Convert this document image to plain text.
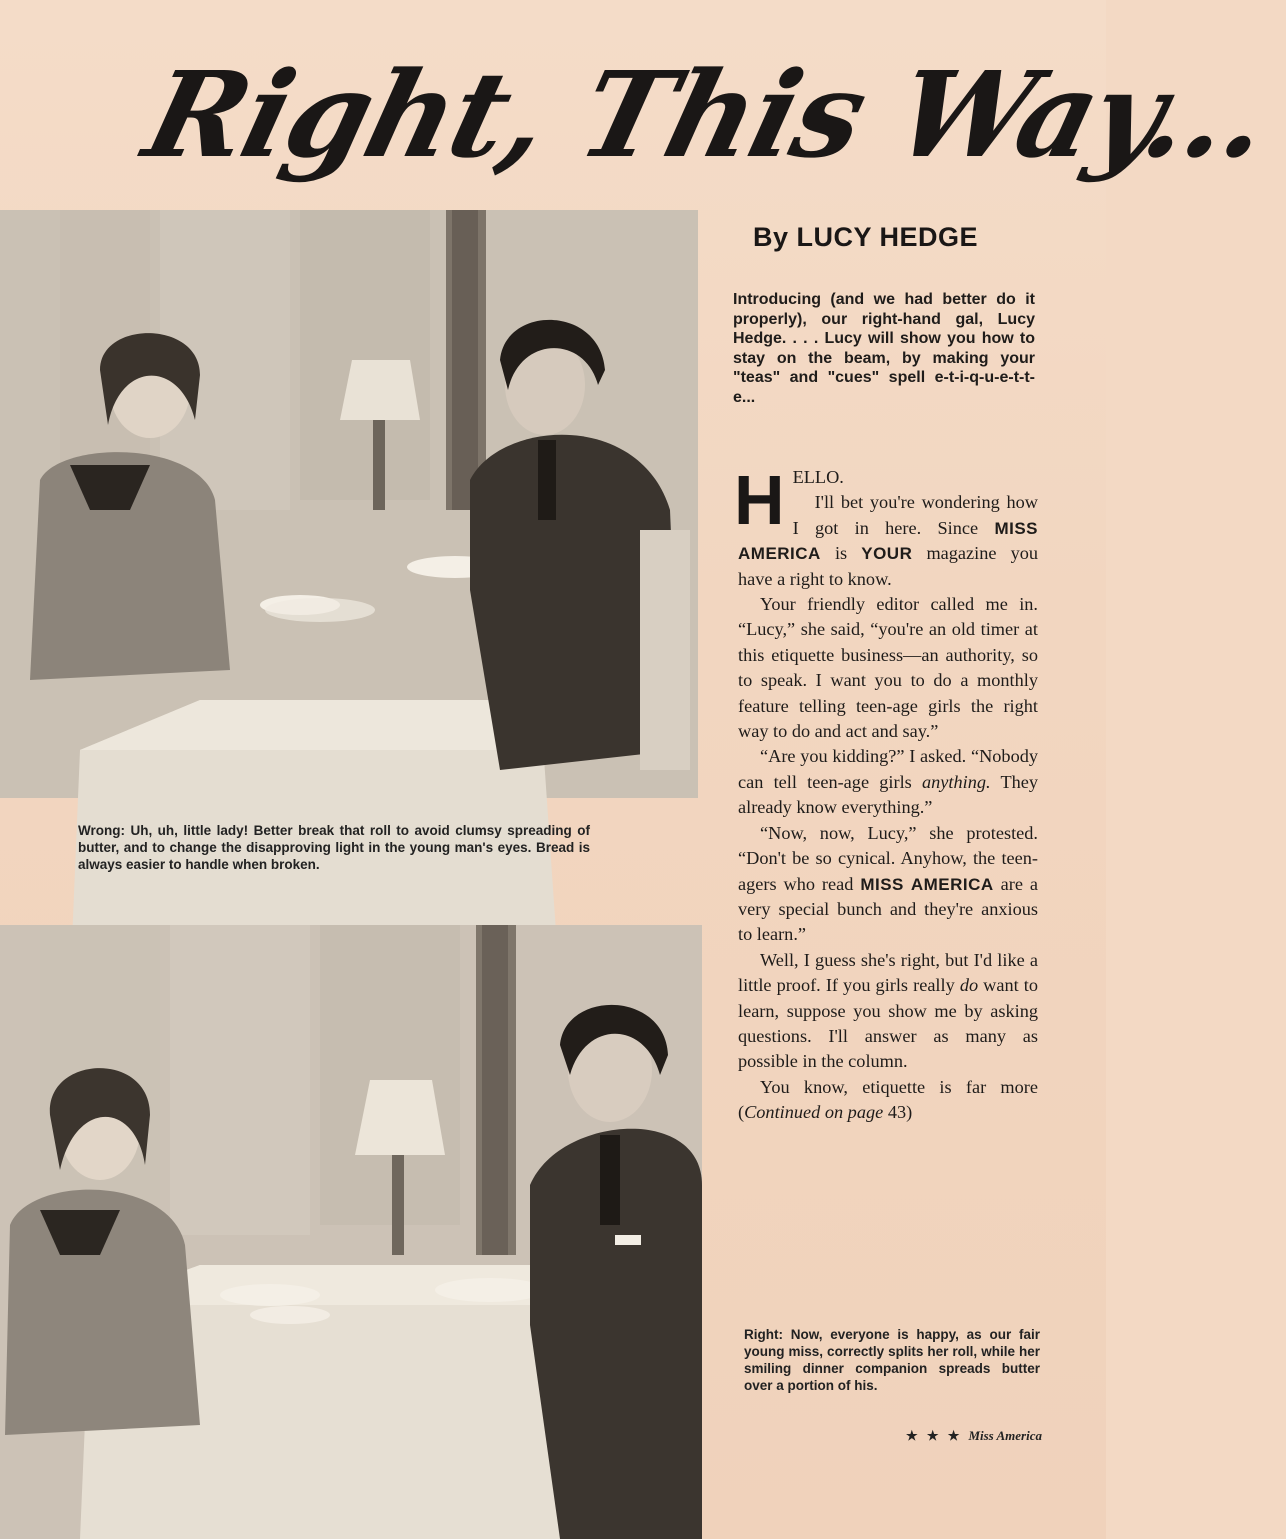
Right, This Way...
Wrong: Uh, uh, little lady! Better break that roll to avoid clumsy spreading of butter, and to change the disapproving light in the young man's eyes. Bread is always easier to handle when broken.
By LUCY HEDGE
Introducing (and we had better do it properly), our right-hand gal, Lucy Hedge. . . . Lucy will show you how to stay on the beam, by making your "teas" and "cues" spell e-t-i-q-u-e-t-t-e...

HELLO.

I'll bet you're wondering how I got in here. Since MISS AMERICA is YOUR magazine you have a right to know.

Your friendly editor called me in. “Lucy,” she said, “you're an old timer at this etiquette business—an authority, so to speak. I want you to do a monthly feature telling teen-age girls the right way to do and act and say.”

“Are you kidding?” I asked. “Nobody can tell teen-age girls anything. They already know everything.”

“Now, now, Lucy,” she protested. “Don't be so cynical. Anyhow, the teen-agers who read MISS AMERICA are a very special bunch and they're anxious to learn.”

Well, I guess she's right, but I'd like a little proof. If you girls really do want to learn, suppose you show me by asking questions. I'll answer as many as possible in the column.

You know, etiquette is far more (Continued on page 43)

Right: Now, everyone is happy, as our fair young miss, correctly splits her roll, while her smiling dinner companion spreads butter over a portion of his.
★ ★ ★ Miss America
